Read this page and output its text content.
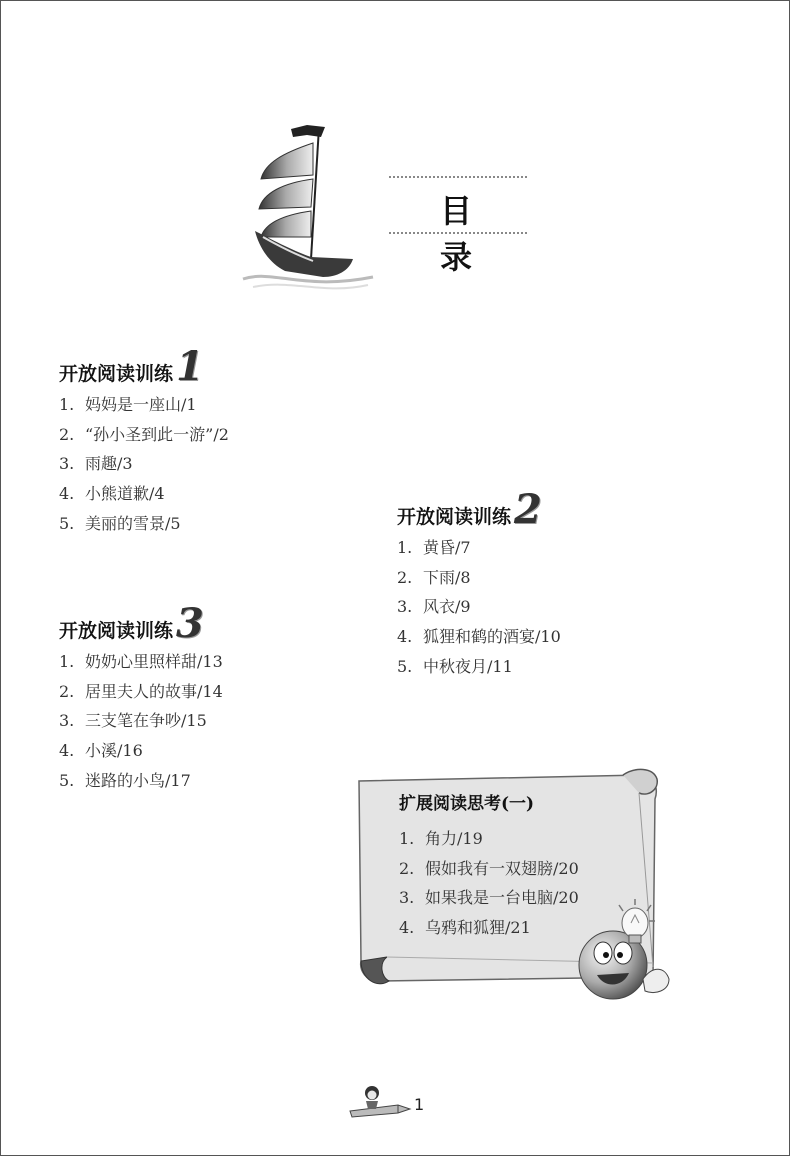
目 录
开放阅读训练 1
1. 妈妈是一座山/1
2. “孙小圣到此一游”/2
3. 雨趣/3
4. 小熊道歉/4
5. 美丽的雪景/5	开放阅读训练 2
1. 黄昏/7
2. 下雨/8
3. 风衣/9
4. 狐狸和鹤的酒宴/10
5. 中秋夜月/11
开放阅读训练 3
1. 奶奶心里照样甜/13
2. 居里夫人的故事/14
3. 三支笔在争吵/15
4. 小溪/16
5. 迷路的小鸟/17
扩展阅读思考(一)
1. 角力/19
2. 假如我有一双翅膀/20
3. 如果我是一台电脑/20
4. 乌鸦和狐狸/21
1
